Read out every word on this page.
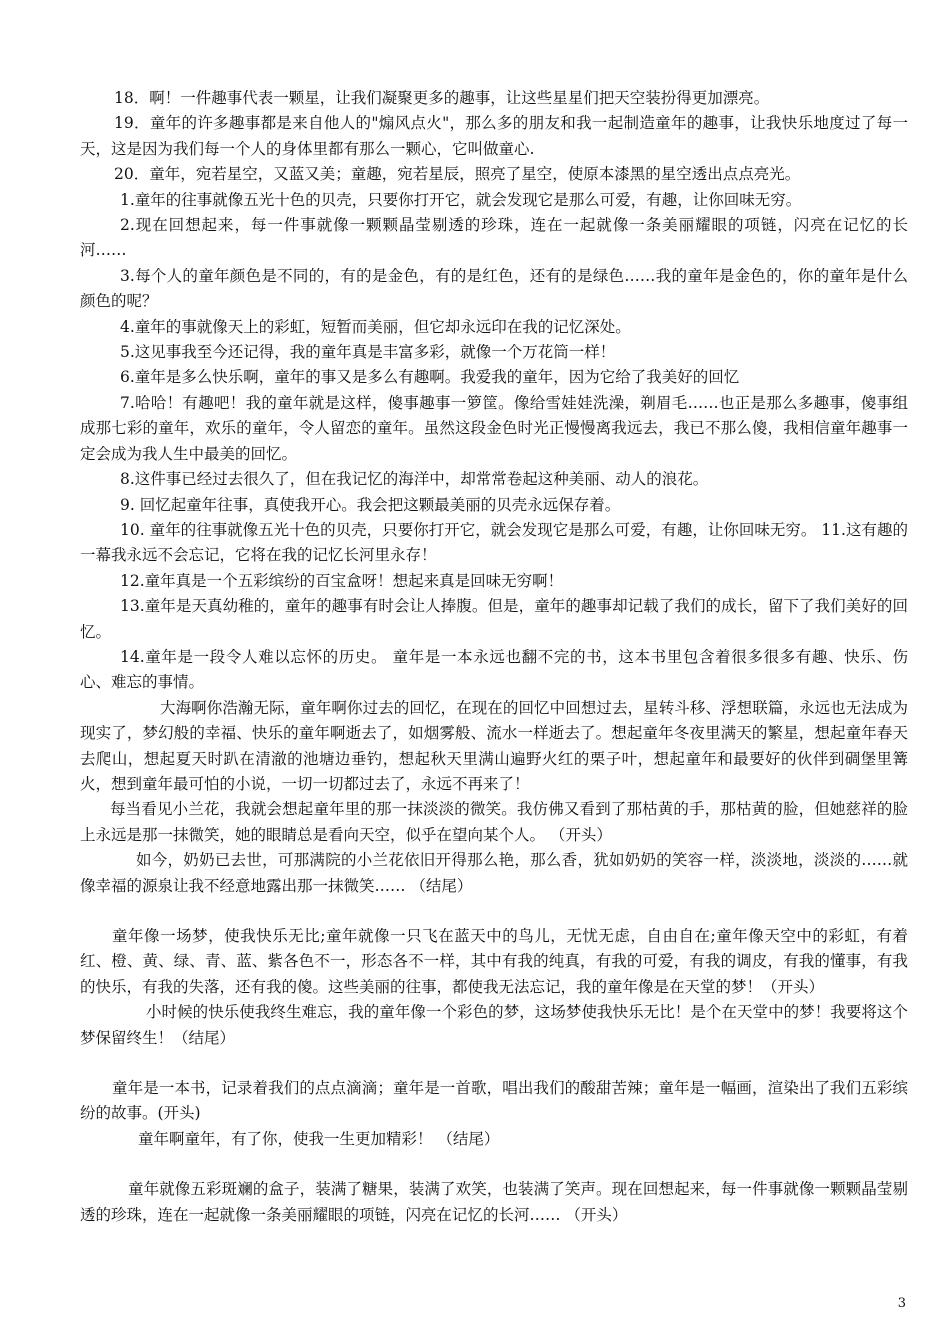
18．啊！一件趣事代表一颗星，让我们凝聚更多的趣事，让这些星星们把天空装扮得更加漂亮。

19．童年的许多趣事都是来自他人的"煽风点火"，那么多的朋友和我一起制造童年的趣事，让我快乐地度过了每一天，这是因为我们每一个人的身体里都有那么一颗心，它叫做童心.

20．童年，宛若星空，又蓝又美；童趣，宛若星辰，照亮了星空，使原本漆黑的星空透出点点亮光。

1.童年的往事就像五光十色的贝壳，只要你打开它，就会发现它是那么可爱，有趣，让你回味无穷。

2.现在回想起来，每一件事就像一颗颗晶莹剔透的珍珠，连在一起就像一条美丽耀眼的项链，闪亮在记忆的长河……

3.每个人的童年颜色是不同的，有的是金色，有的是红色，还有的是绿色……我的童年是金色的，你的童年是什么颜色的呢？

4.童年的事就像天上的彩虹，短暂而美丽，但它却永远印在我的记忆深处。

5.这见事我至今还记得，我的童年真是丰富多彩，就像一个万花筒一样！

6.童年是多么快乐啊，童年的事又是多么有趣啊。我爱我的童年，因为它给了我美好的回忆

7.哈哈！有趣吧！我的童年就是这样，傻事趣事一箩筐。像给雪娃娃洗澡，剃眉毛……也正是那么多趣事，傻事组成那七彩的童年，欢乐的童年，令人留恋的童年。虽然这段金色时光正慢慢离我远去，我已不那么傻，我相信童年趣事一定会成为我人生中最美的回忆。

8.这件事已经过去很久了，但在我记忆的海洋中，却常常卷起这种美丽、动人的浪花。

9. 回忆起童年往事，真使我开心。我会把这颗最美丽的贝壳永远保存着。

10. 童年的往事就像五光十色的贝壳，只要你打开它，就会发现它是那么可爱，有趣，让你回味无穷。 11.这有趣的一幕我永远不会忘记，它将在我的记忆长河里永存！

12.童年真是一个五彩缤纷的百宝盒呀！想起来真是回味无穷啊！

13.童年是天真幼稚的，童年的趣事有时会让人捧腹。但是，童年的趣事却记载了我们的成长，留下了我们美好的回忆。

14.童年是一段令人难以忘怀的历史。 童年是一本永远也翻不完的书，这本书里包含着很多很多有趣、快乐、伤心、难忘的事情。

大海啊你浩瀚无际，童年啊你过去的回忆，在现在的回忆中回想过去，星转斗移、浮想联篇，永远也无法成为现实了，梦幻般的幸福、快乐的童年啊逝去了，如烟雾般、流水一样逝去了。想起童年冬夜里满天的繁星，想起童年春天去爬山，想起夏天时趴在清澈的池塘边垂钓，想起秋天里满山遍野火红的栗子叶，想起童年和最要好的伙伴到碉堡里篝火，想到童年最可怕的小说，一切一切都过去了，永远不再来了！

每当看见小兰花，我就会想起童年里的那一抹淡淡的微笑。我仿佛又看到了那枯黄的手，那枯黄的脸，但她慈祥的脸上永远是那一抹微笑，她的眼睛总是看向天空，似乎在望向某个人。 （开头）

如今，奶奶已去世，可那满院的小兰花依旧开得那么艳，那么香，犹如奶奶的笑容一样，淡淡地，淡淡的……就像幸福的源泉让我不经意地露出那一抹微笑…… （结尾）

童年像一场梦，使我快乐无比;童年就像一只飞在蓝天中的鸟儿，无忧无虑，自由自在;童年像天空中的彩虹，有着红、橙、黄、绿、青、蓝、紫各色不一，形态各不一样，其中有我的纯真，有我的可爱，有我的调皮，有我的懂事，有我的快乐，有我的失落，还有我的傻。这些美丽的往事，都使我无法忘记，我的童年像是在天堂的梦！（开头）

小时候的快乐使我终生难忘，我的童年像一个彩色的梦，这场梦使我快乐无比！是个在天堂中的梦！我要将这个梦保留终生！（结尾）

童年是一本书，记录着我们的点点滴滴；童年是一首歌，唱出我们的酸甜苦辣；童年是一幅画，渲染出了我们五彩缤纷的故事。(开头)

童年啊童年，有了你，使我一生更加精彩！ （结尾）

童年就像五彩斑斓的盒子，装满了糖果，装满了欢笑，也装满了笑声。现在回想起来，每一件事就像一颗颗晶莹剔透的珍珠，连在一起就像一条美丽耀眼的项链，闪亮在记忆的长河…… （开头）

3
